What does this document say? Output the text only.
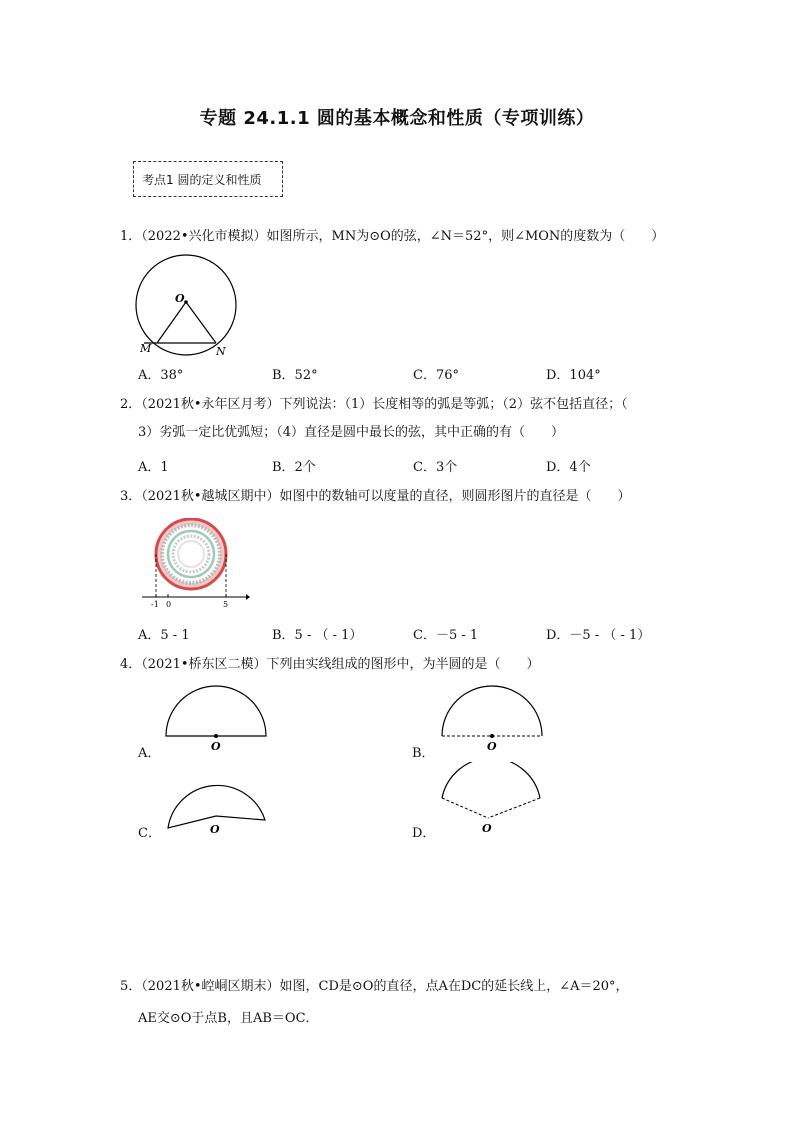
专题 24.1.1 圆的基本概念和性质（专项训练）
考点1 圆的定义和性质
1．（2022•兴化市模拟）如图所示，MN为⊙O的弦，∠N＝52°，则∠MON的度数为（　　）
O
M	N
A．38°	B．52°	C．76°	D．104°
2．（2021秋•永年区月考）下列说法：（1）长度相等的弧是等弧；（2）弦不包括直径；（
3）劣弧一定比优弧短；（4）直径是圆中最长的弦，其中正确的有（　　）
A．1	B．2个	C．3个	D．4个
3．（2021秋•越城区期中）如图中的数轴可以度量的直径，则圆形图片的直径是（　　）
-1 0	5
A．5 - 1	B．5 - （ - 1）	C．－5 - 1	D．－5 - （ - 1）
4．（2021•桥东区二模）下列由实线组成的图形中，为半圆的是（　　）
A．	O	B．	O
C．	O	D．	O
5．（2021秋•崆峒区期末）如图，CD是⊙O的直径，点A在DC的延长线上，∠A＝20°，
AE交⊙O于点B，且AB＝OC．
